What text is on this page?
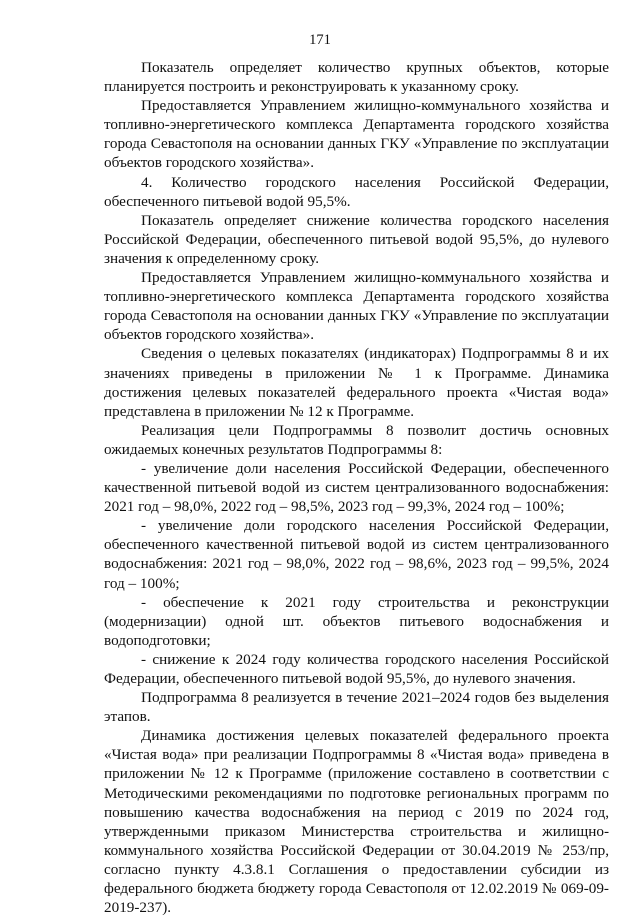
171

Показатель определяет количество крупных объектов, которые планируется построить и реконструировать к указанному сроку.

Предоставляется Управлением жилищно-коммунального хозяйства и топливно-энергетического комплекса Департамента городского хозяйства города Севастополя на основании данных ГКУ «Управление по эксплуатации объектов городского хозяйства».

4. Количество городского населения Российской Федерации, обеспеченного питьевой водой 95,5%.

Показатель определяет снижение количества городского населения Российской Федерации, обеспеченного питьевой водой 95,5%, до нулевого значения к определенному сроку.

Предоставляется Управлением жилищно-коммунального хозяйства и топливно-энергетического комплекса Департамента городского хозяйства города Севастополя на основании данных ГКУ «Управление по эксплуатации объектов городского хозяйства».

Сведения о целевых показателях (индикаторах) Подпрограммы 8 и их значениях приведены в приложении № 1 к Программе. Динамика достижения целевых показателей федерального проекта «Чистая вода» представлена в приложении № 12 к Программе.

Реализация цели Подпрограммы 8 позволит достичь основных ожидаемых конечных результатов Подпрограммы 8:

- увеличение доли населения Российской Федерации, обеспеченного качественной питьевой водой из систем централизованного водоснабжения: 2021 год – 98,0%, 2022 год – 98,5%, 2023 год – 99,3%, 2024 год – 100%;

- увеличение доли городского населения Российской Федерации, обеспеченного качественной питьевой водой из систем централизованного водоснабжения: 2021 год – 98,0%, 2022 год – 98,6%, 2023 год – 99,5%, 2024 год – 100%;

- обеспечение к 2021 году строительства и реконструкции (модернизации) одной шт. объектов питьевого водоснабжения и водоподготовки;

- снижение к 2024 году количества городского населения Российской Федерации, обеспеченного питьевой водой 95,5%, до нулевого значения.

Подпрограмма 8 реализуется в течение 2021–2024 годов без выделения этапов.

Динамика достижения целевых показателей федерального проекта «Чистая вода» при реализации Подпрограммы 8 «Чистая вода» приведена в приложении № 12 к Программе (приложение составлено в соответствии с Методическими рекомендациями по подготовке региональных программ по повышению качества водоснабжения на период с 2019 по 2024 год, утвержденными приказом Министерства строительства и жилищно-коммунального хозяйства Российской Федерации от 30.04.2019 № 253/пр, согласно пункту 4.3.8.1 Соглашения о предоставлении субсидии из федерального бюджета бюджету города Севастополя от 12.02.2019 № 069-09-2019-237).
